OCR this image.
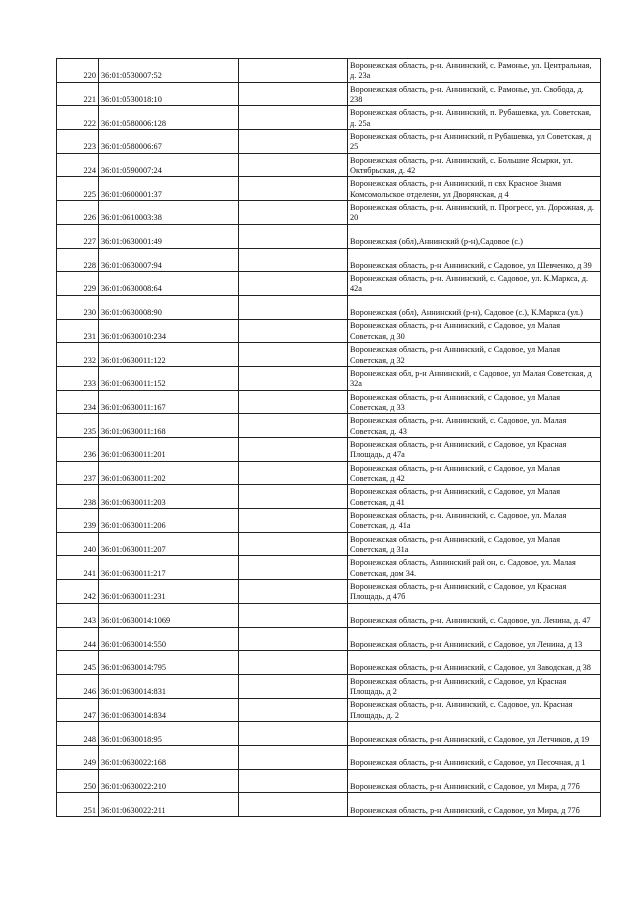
220	36:01:0530007:52		Воронежская область, р-н. Аннинский, с. Рамонье, ул. Центральная, д. 23а

221	36:01:0530018:10		Воронежская область, р-н. Аннинский, с. Рамонье, ул. Свобода, д. 238

222	36:01:0580006:128		Воронежская область, р-н. Аннинский, п. Рубашевка, ул. Советская, д. 25а

223	36:01:0580006:67		Воронежская область, р-н Аннинский, п Рубашевка, ул Советская, д 25

224	36:01:0590007:24		Воронежская область, р-н. Аннинский, с. Большие Ясырки, ул. Октябрьская, д. 42

225	36:01:0600001:37		Воронежская область, р-н Аннинский, п свх Красное Знамя Комсомольское отделени, ул Дворянская, д 4

226	36:01:0610003:38		Воронежская область, р-н. Аннинский, п. Прогресс, ул. Дорожная, д. 20

227	36:01:0630001:49		Воронежская (обл),Аннинский (р-н),Садовое (с.)

228	36:01:0630007:94		Воронежская область, р-н Аннинский, с Садовое, ул Шевченко, д 39

229	36:01:0630008:64		Воронежская область, р-н. Аннинский, с. Садовое, ул. К.Маркса, д. 42а

230	36:01:0630008:90		Воронежская (обл), Аннинский (р-н), Садовое (с.), К.Маркса (ул.)

231	36:01:0630010:234		Воронежская область, р-н Аннинский, с Садовое, ул Малая Советская, д 30

232	36:01:0630011:122		Воронежская область, р-н Аннинский, с Садовое, ул Малая Советская, д 32

233	36:01:0630011:152		Воронежская обл, р-н Аннинский, с Садовое, ул Малая Советская, д 32а

234	36:01:0630011:167		Воронежская область, р-н Аннинский, с Садовое, ул Малая Советская, д 33

235	36:01:0630011:168		Воронежская область, р-н. Аннинский, с. Садовое, ул. Малая Советская, д. 43

236	36:01:0630011:201		Воронежская область, р-н Аннинский, с Садовое, ул Красная Площадь, д 47а

237	36:01:0630011:202		Воронежская область, р-н Аннинский, с Садовое, ул Малая Советская, д 42

238	36:01:0630011:203		Воронежская область, р-н Аннинский, с Садовое, ул Малая Советская, д 41

239	36:01:0630011:206		Воронежская область, р-н. Аннинский, с. Садовое, ул. Малая Советская, д. 41а

240	36:01:0630011:207		Воронежская область, р-н Аннинский, с Садовое, ул Малая Советская, д 31а

241	36:01:0630011:217		Воронежская область, Аннинский рай он, с. Садовое, ул. Малая Советская, дом 34.

242	36:01:0630011:231		Воронежская область, р-н Аннинский, с Садовое, ул Красная Площадь, д 47б

243	36:01:0630014:1069		Воронежская область, р-н. Аннинский, с. Садовое, ул. Ленина, д. 47

244	36:01:0630014:550		Воронежская область, р-н Аннинский, с Садовое, ул Ленина, д 13

245	36:01:0630014:795		Воронежская область, р-н Аннинский, с Садовое, ул Заводская, д 38

246	36:01:0630014:831		Воронежская область, р-н Аннинский, с Садовое, ул Красная Площадь, д 2

247	36:01:0630014:834		Воронежская область, р-н. Аннинский, с. Садовое, ул. Красная Площадь, д. 2

248	36:01:0630018:95		Воронежская область, р-н Аннинский, с Садовое, ул Летчиков, д 19

249	36:01:0630022:168		Воронежская область, р-н Аннинский, с Садовое, ул Песочная, д 1

250	36:01:0630022:210		Воронежская область, р-н Аннинский, с Садовое, ул Мира, д 77б

251	36:01:0630022:211		Воронежская область, р-н Аннинский, с Садовое, ул Мира, д 77б
